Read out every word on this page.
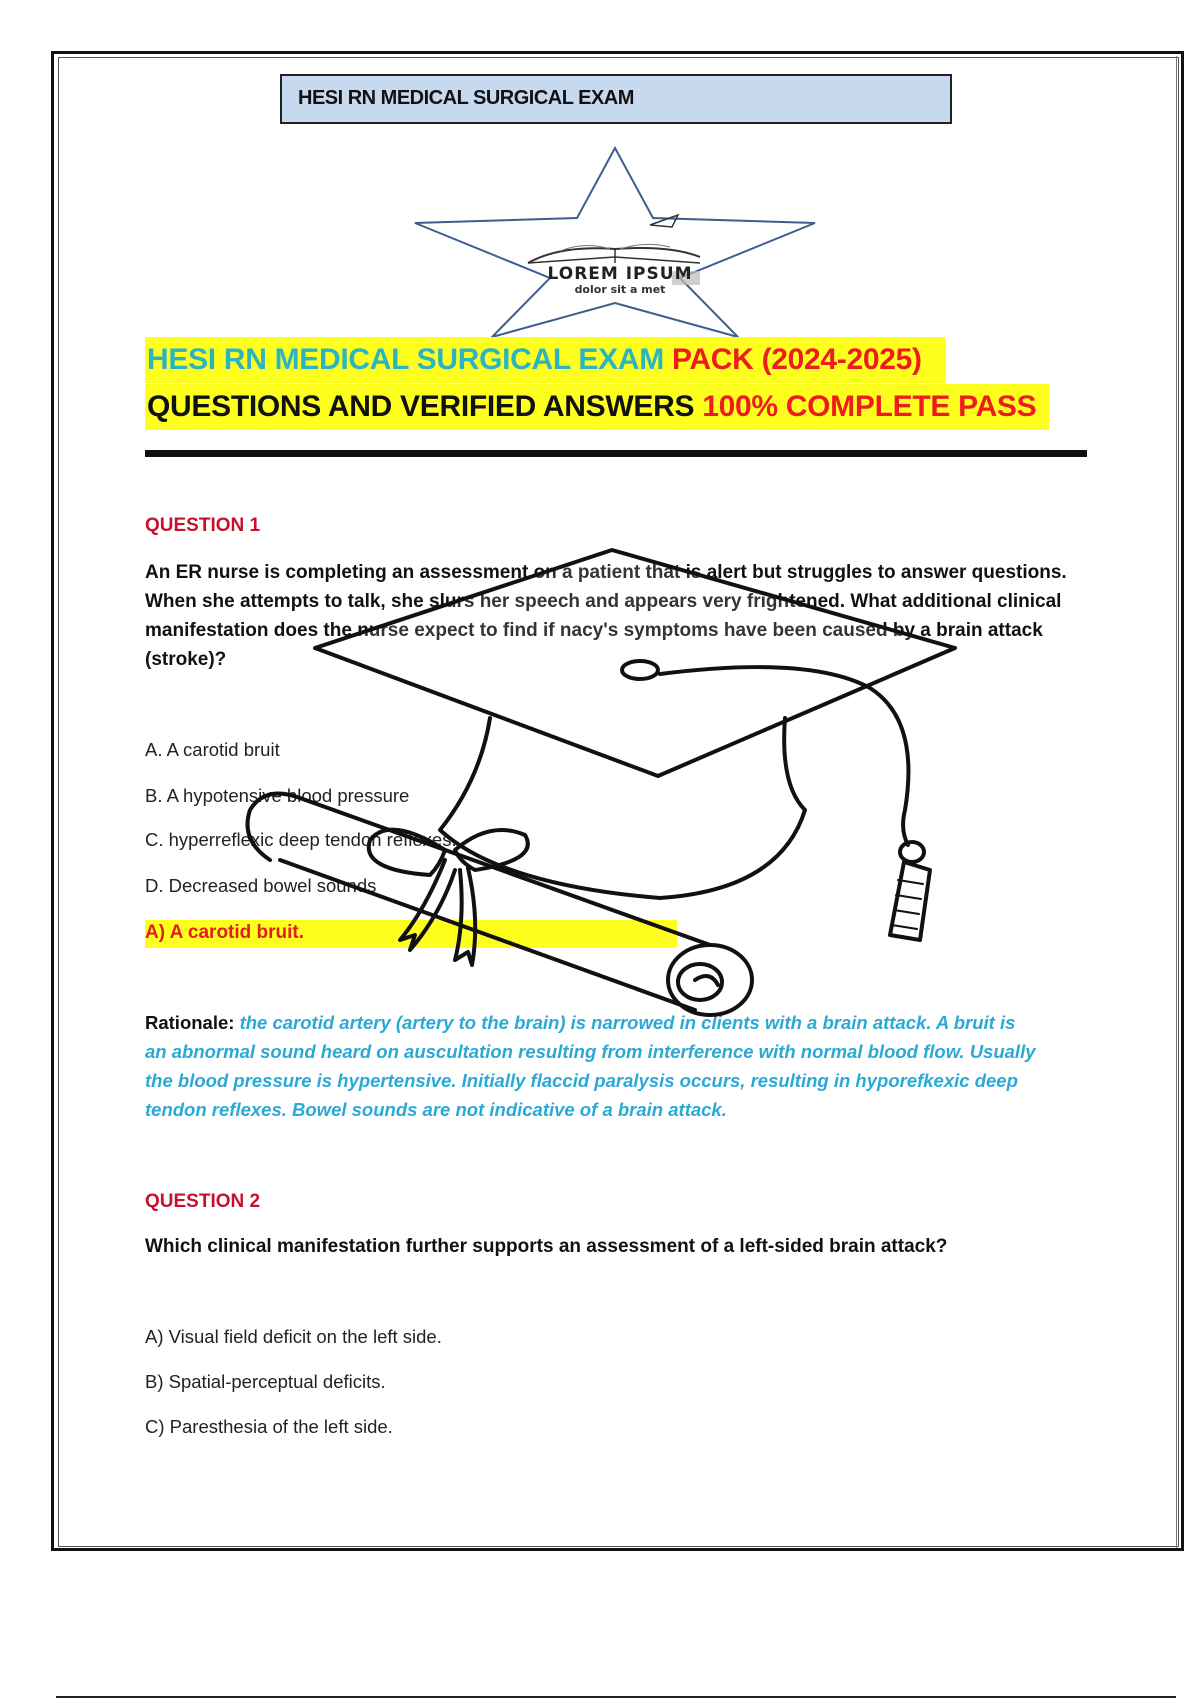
HESI RN MEDICAL SURGICAL EXAM
LOREM IPSUM
dolor sit a met
HESI RN MEDICAL SURGICAL EXAM PACK (2024-2025)
QUESTIONS AND VERIFIED ANSWERS 100% COMPLETE PASS
QUESTION 1
An ER nurse is completing an assessment on a patient that is alert but struggles to answer questions.
When she attempts to talk, she slurs her speech and appears very frightened. What additional clinical
manifestation does the nurse expect to find if nacy's symptoms have been caused by a brain attack
(stroke)?
A. A carotid bruit
B. A hypotensive blood pressure
C. hyperreflexic deep tendon reflexes.
D. Decreased bowel sounds
A) A carotid bruit.
Rationale: the carotid artery (artery to the brain) is narrowed in clients with a brain attack. A bruit is
an abnormal sound heard on auscultation resulting from interference with normal blood flow. Usually
the blood pressure is hypertensive. Initially flaccid paralysis occurs, resulting in hyporefkexic deep
tendon reflexes. Bowel sounds are not indicative of a brain attack.
QUESTION 2
Which clinical manifestation further supports an assessment of a left-sided brain attack?
A) Visual field deficit on the left side.
B) Spatial-perceptual deficits.
C) Paresthesia of the left side.
